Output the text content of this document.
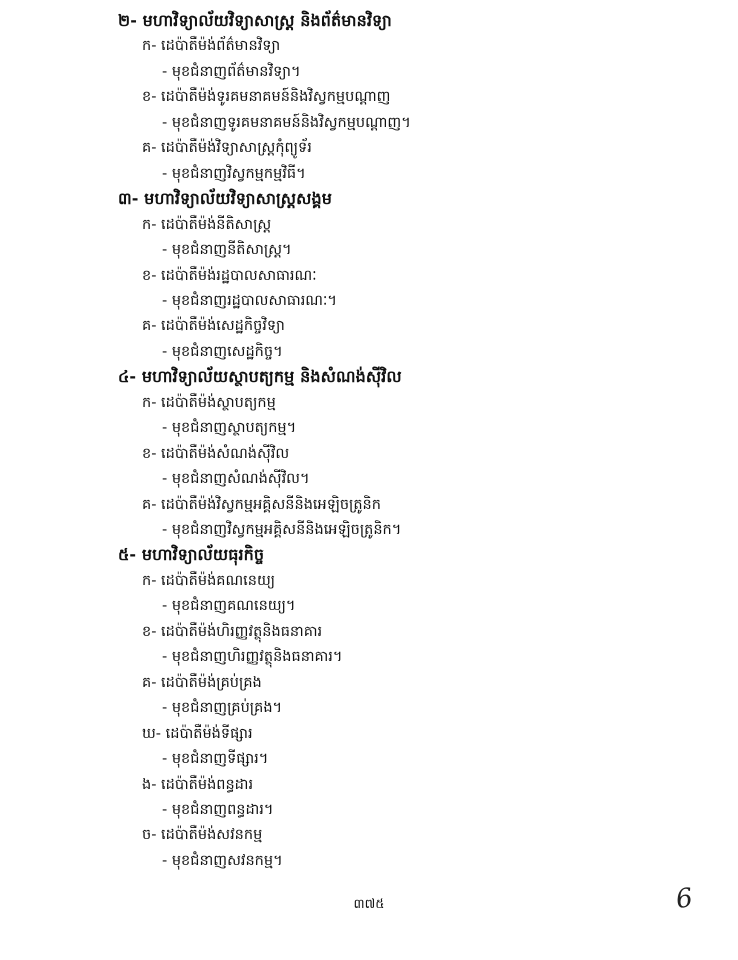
២- មហាវិទ្យាល័យវិទ្យាសាស្ត្រ និងព័ត៌មានវិទ្យា
ក- ដេប៉ាតឺម៉ង់ព័ត៌មានវិទ្យា
- មុខជំនាញព័ត៌មានវិទ្យា។
ខ- ដេប៉ាតឺម៉ង់ទូរគមនាគមន៍និងវិស្វកម្មបណ្ដាញ
- មុខជំនាញទូរគមនាគមន៍និងវិស្វកម្មបណ្ដាញ។
គ- ដេប៉ាតឺម៉ង់វិទ្យាសាស្ត្រកុំព្យូទ័រ
- មុខជំនាញវិស្វកម្មកម្មវិធី។
៣- មហាវិទ្យាល័យវិទ្យាសាស្ត្រសង្គម
ក- ដេប៉ាតឺម៉ង់នីតិសាស្ត្រ
- មុខជំនាញនីតិសាស្ត្រ។
ខ- ដេប៉ាតឺម៉ង់រដ្ឋបាលសាធារណៈ
- មុខជំនាញរដ្ឋបាលសាធារណៈ។
គ- ដេប៉ាតឺម៉ង់សេដ្ឋកិច្ចវិទ្យា
- មុខជំនាញសេដ្ឋកិច្ច។
៤- មហាវិទ្យាល័យស្ថាបត្យកម្ម និងសំណង់ស៊ីវិល
ក- ដេប៉ាតឺម៉ង់ស្ថាបត្យកម្ម
- មុខជំនាញស្ថាបត្យកម្ម។
ខ- ដេប៉ាតឺម៉ង់សំណង់ស៊ីវិល
- មុខជំនាញសំណង់ស៊ីវិល។
គ- ដេប៉ាតឺម៉ង់វិស្វកម្មអគ្គិសនីនិងអេឡិចត្រូនិក
- មុខជំនាញវិស្វកម្មអគ្គិសនីនិងអេឡិចត្រូនិក។
៥- មហាវិទ្យាល័យធុរកិច្ច
ក- ដេប៉ាតឺម៉ង់គណនេយ្យ
- មុខជំនាញគណនេយ្យ។
ខ- ដេប៉ាតឺម៉ង់ហិរញ្ញវត្ថុនិងធនាគារ
- មុខជំនាញហិរញ្ញវត្ថុនិងធនាគារ។
គ- ដេប៉ាតឺម៉ង់គ្រប់គ្រង
- មុខជំនាញគ្រប់គ្រង។
ឃ- ដេប៉ាតឺម៉ង់ទីផ្សារ
- មុខជំនាញទីផ្សារ។
ង- ដេប៉ាតឺម៉ង់ពន្ធដារ
- មុខជំនាញពន្ធដារ។
ច- ដេប៉ាតឺម៉ង់សវនកម្ម
- មុខជំនាញសវនកម្ម។
៣៧៥	6
